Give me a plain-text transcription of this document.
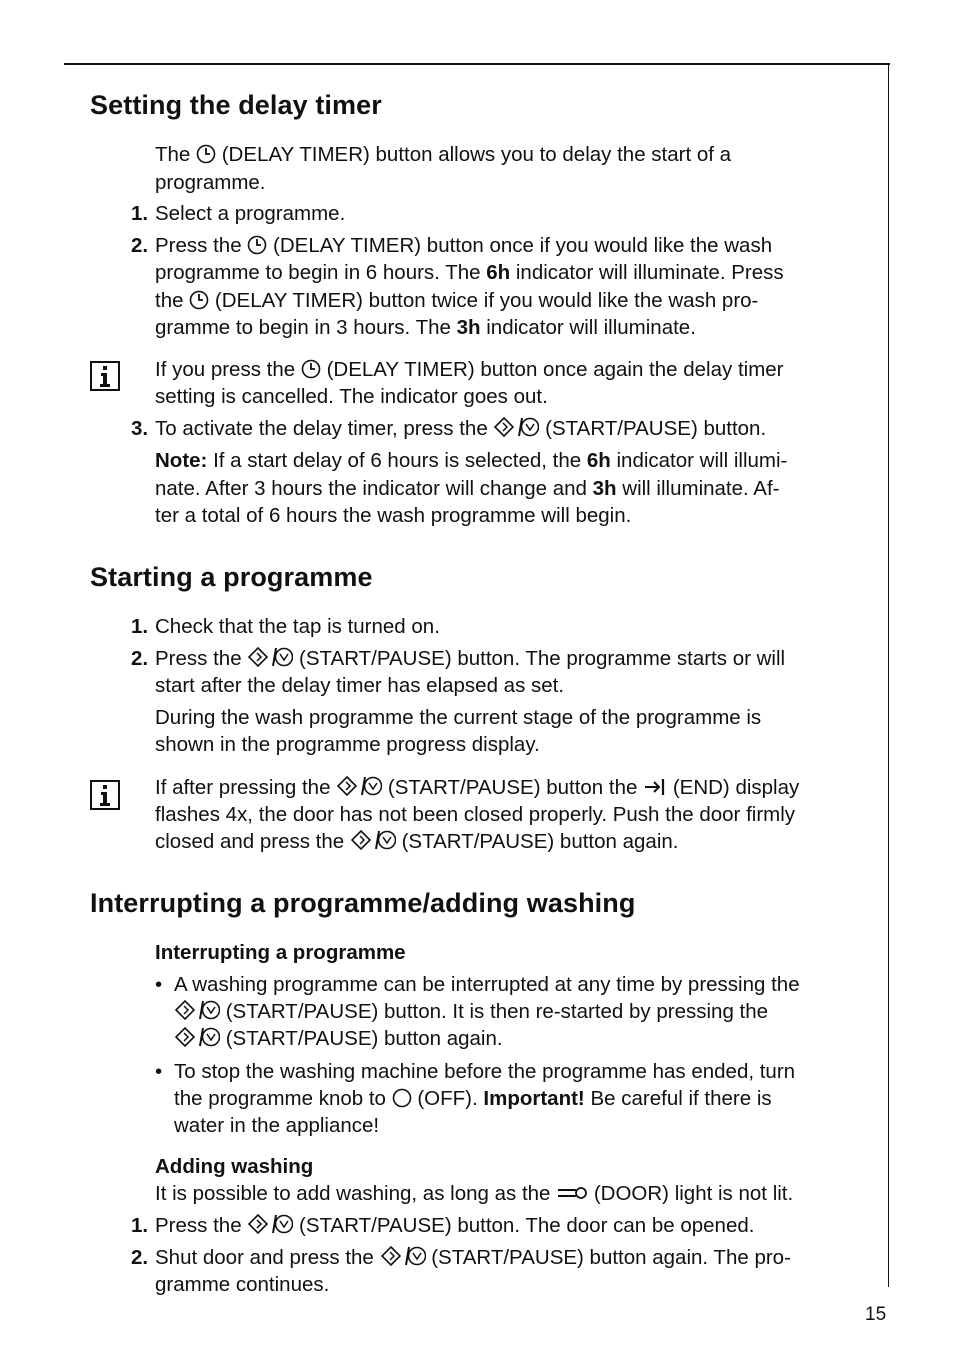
Setting the delay timer
The (DELAY TIMER) button allows you to delay the start of a
programme.
1. Select a programme.
2. Press the (DELAY TIMER) button once if you would like the wash
programme to begin in 6 hours. The 6h indicator will illuminate. Press
the (DELAY TIMER) button twice if you would like the wash pro-
gramme to begin in 3 hours. The 3h indicator will illuminate.
If you press the (DELAY TIMER) button once again the delay timer
setting is cancelled. The indicator goes out.
3. To activate the delay timer, press the	(START/PAUSE) button.
Note: If a start delay of 6 hours is selected, the 6h indicator will illumi-
nate. After 3 hours the indicator will change and 3h will illuminate. Af-
ter a total of 6 hours the wash programme will begin.
Starting a programme
1. Check that the tap is turned on.
2. Press the	(START/PAUSE) button. The programme starts or will
start after the delay timer has elapsed as set.
During the wash programme the current stage of the programme is
shown in the programme progress display.
If after pressing the	(START/PAUSE) button the (END) display
flashes 4x, the door has not been closed properly. Push the door firmly
closed and press the	(START/PAUSE) button again.
Interrupting a programme/adding washing
Interrupting a programme
• A washing programme can be interrupted at any time by pressing the
(START/PAUSE) button. It is then re-started by pressing the
(START/PAUSE) button again.
• To stop the washing machine before the programme has ended, turn
the programme knob to (OFF). Important! Be careful if there is
water in the appliance!
Adding washing
It is possible to add washing, as long as the (DOOR) light is not lit.
1. Press the	(START/PAUSE) button. The door can be opened.
2. Shut door and press the	(START/PAUSE) button again. The pro-
gramme continues.
15
